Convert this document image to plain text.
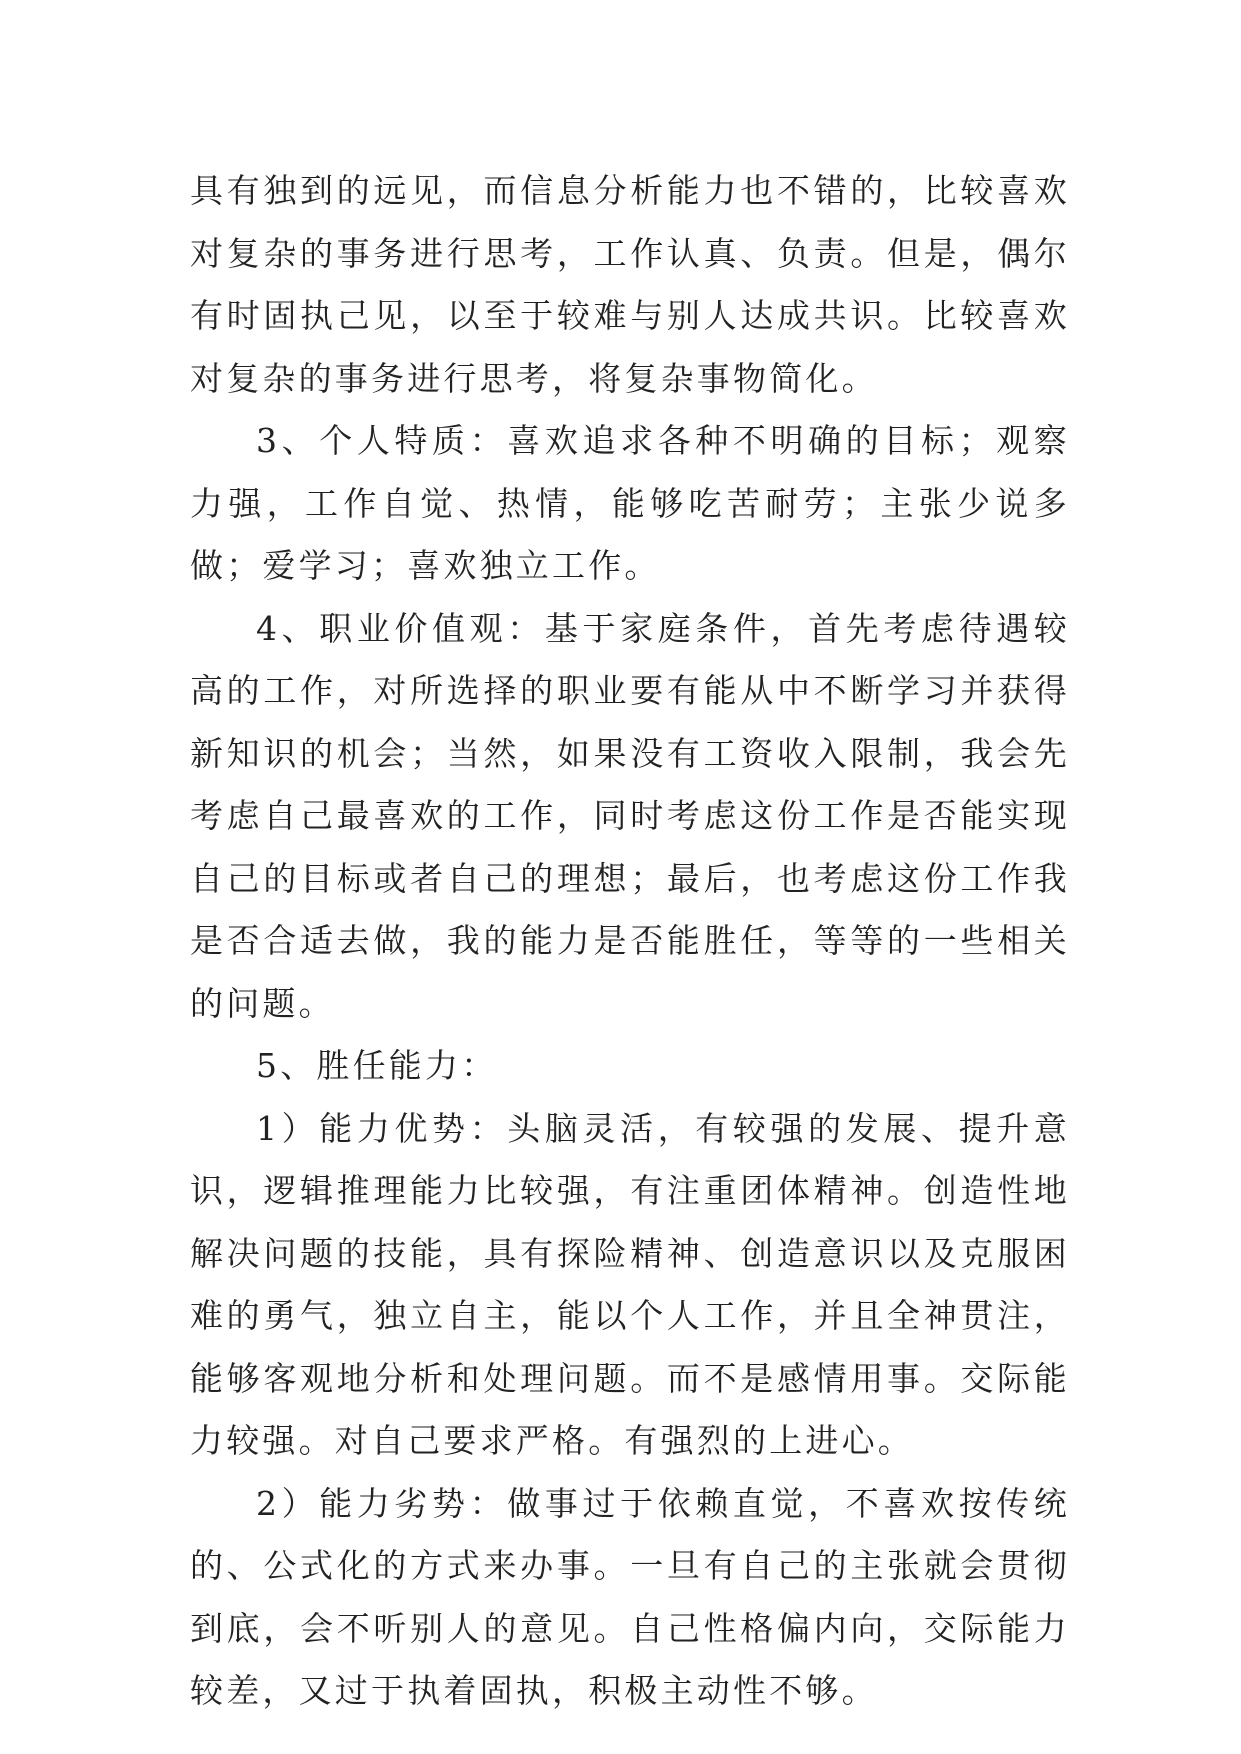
具有独到的远见，而信息分析能力也不错的，比较喜欢对复杂的事务进行思考，工作认真、负责。但是，偶尔有时固执己见，以至于较难与别人达成共识。比较喜欢对复杂的事务进行思考，将复杂事物简化。

3、个人特质：喜欢追求各种不明确的目标；观察力强，工作自觉、热情，能够吃苦耐劳；主张少说多做；爱学习；喜欢独立工作。

4、职业价值观：基于家庭条件，首先考虑待遇较高的工作，对所选择的职业要有能从中不断学习并获得新知识的机会；当然，如果没有工资收入限制，我会先考虑自己最喜欢的工作，同时考虑这份工作是否能实现自己的目标或者自己的理想；最后，也考虑这份工作我是否合适去做，我的能力是否能胜任，等等的一些相关的问题。

5、胜任能力：

1）能力优势：头脑灵活，有较强的发展、提升意识，逻辑推理能力比较强，有注重团体精神。创造性地解决问题的技能，具有探险精神、创造意识以及克服困难的勇气，独立自主，能以个人工作，并且全神贯注，能够客观地分析和处理问题。而不是感情用事。交际能力较强。对自己要求严格。有强烈的上进心。

2）能力劣势：做事过于依赖直觉，不喜欢按传统的、公式化的方式来办事。一旦有自己的主张就会贯彻到底，会不听别人的意见。自己性格偏内向，交际能力较差，又过于执着固执，积极主动性不够。
